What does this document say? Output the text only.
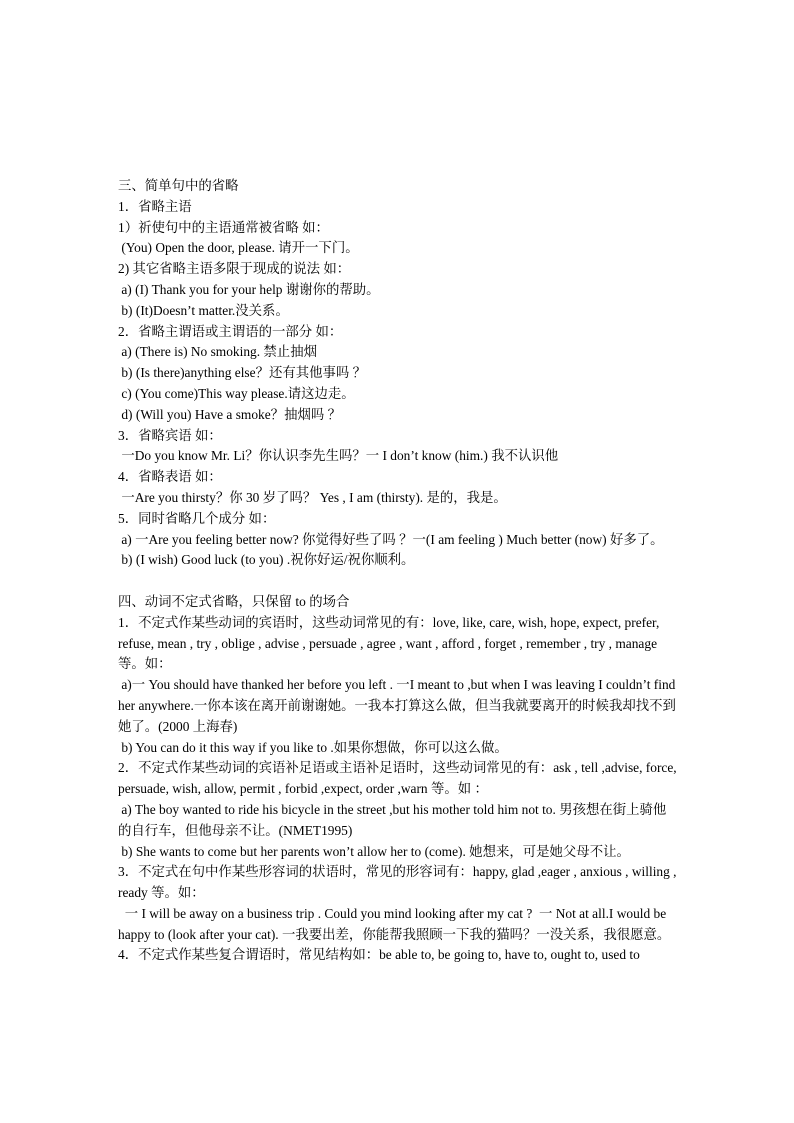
三、简单句中的省略
1．省略主语
1）祈使句中的主语通常被省略 如：
(You) Open the door, please. 请开一下门。
2) 其它省略主语多限于现成的说法 如：
a) (I) Thank you for your help 谢谢你的帮助。
b) (It)Doesn’t matter.没关系。
2．省略主谓语或主谓语的一部分 如：
a) (There is) No smoking. 禁止抽烟
b) (Is there)anything else？还有其他事吗 ？
c) (You come)This way please.请这边走。
d) (Will you) Have a smoke？抽烟吗 ？
3．省略宾语 如：
一Do you know Mr. Li？你认识李先生吗？一 I don’t know (him.) 我不认识他
4．省略表语 如：
一Are you thirsty？你 30 岁了吗？ Yes , I am (thirsty). 是的，我是。
5．同时省略几个成分 如：
a) 一Are you feeling better now? 你觉得好些了吗 ？一(I am feeling ) Much better (now) 好多了。
b) (I wish) Good luck (to you) .祝你好运/祝你顺利。
四、动词不定式省略，只保留 to 的场合
1．不定式作某些动词的宾语时，这些动词常见的有：love, like, care, wish, hope, expect, prefer, refuse, mean , try , oblige , advise , persuade , agree , want , afford , forget , remember , try , manage 等。如：
a)一 You should have thanked her before you left . 一I meant to ,but when I was leaving I couldn’t find her anywhere.一你本该在离开前谢谢她。一我本打算这么做，但当我就要离开的时候我却找不到她了。(2000 上海春)
b) You can do it this way if you like to .如果你想做，你可以这么做。
2．不定式作某些动词的宾语补足语或主语补足语时，这些动词常见的有：ask , tell ,advise, force, persuade, wish, allow, permit , forbid ,expect, order ,warn 等。如 ：
a) The boy wanted to ride his bicycle in the street ,but his mother told him not to. 男孩想在街上骑他的自行车，但他母亲不让。(NMET1995)
b) She wants to come but her parents won’t allow her to (come). 她想来，可是她父母不让。
3．不定式在句中作某些形容词的状语时，常见的形容词有：happy, glad ,eager , anxious , willing , ready 等。如：
一 I will be away on a business trip . Could you mind looking after my cat ?  一 Not at all.I would be happy to (look after your cat). 一我要出差，你能帮我照顾一下我的猫吗？一没关系，我很愿意。
4．不定式作某些复合谓语时，常见结构如：be able to, be going to, have to, ought to, used to
